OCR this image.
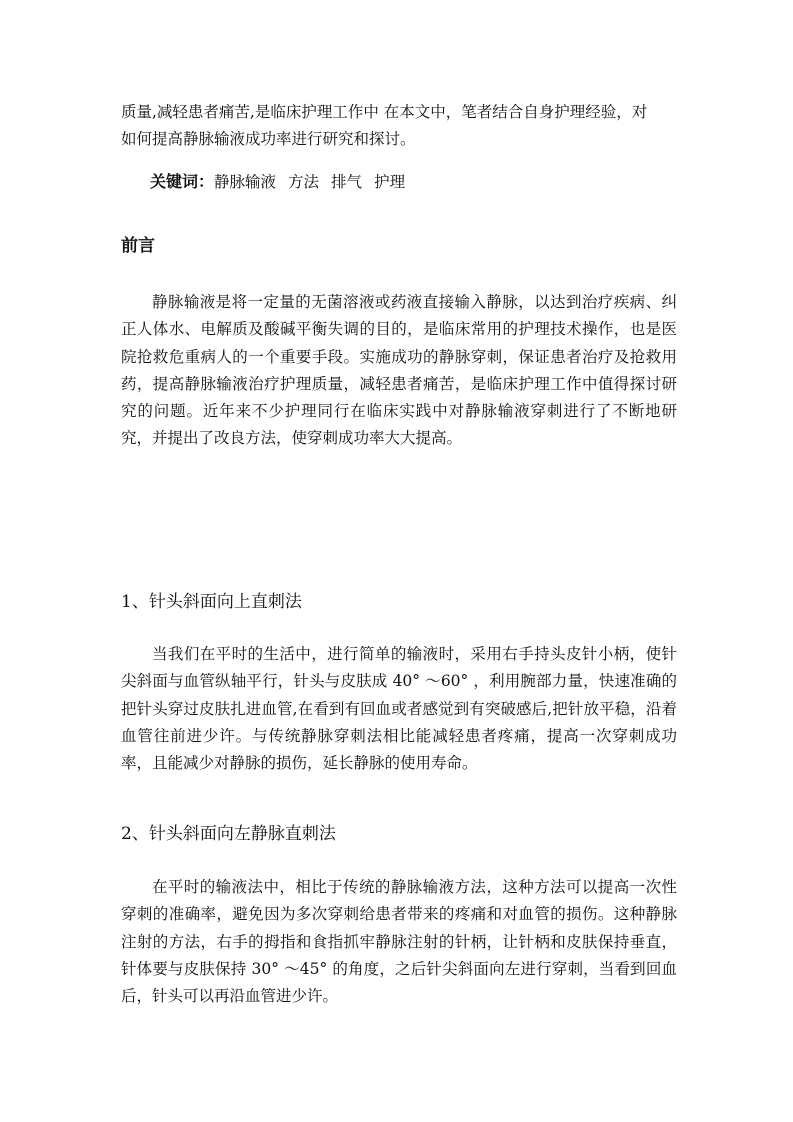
质量,减轻患者痛苦,是临床护理工作中 在本文中，笔者结合自身护理经验，对
如何提高静脉输液成功率进行研究和探讨。

关键词：静脉输液 方法 排气 护理
前言

静脉输液是将一定量的无菌溶液或药液直接输入静脉，以达到治疗疾病、纠正人体水、电解质及酸碱平衡失调的目的，是临床常用的护理技术操作，也是医院抢救危重病人的一个重要手段。实施成功的静脉穿刺，保证患者治疗及抢救用药，提高静脉输液治疗护理质量，减轻患者痛苦，是临床护理工作中值得探讨研究的问题。近年来不少护理同行在临床实践中对静脉输液穿刺进行了不断地研究，并提出了改良方法，使穿刺成功率大大提高。

1、针头斜面向上直刺法

当我们在平时的生活中，进行简单的输液时，采用右手持头皮针小柄，使针尖斜面与血管纵轴平行，针头与皮肤成 40° ～60° ，利用腕部力量，快速准确的把针头穿过皮肤扎进血管,在看到有回血或者感觉到有突破感后,把针放平稳，沿着血管往前进少许。与传统静脉穿刺法相比能减轻患者疼痛，提高一次穿刺成功率，且能减少对静脉的损伤，延长静脉的使用寿命。

2、针头斜面向左静脉直刺法

在平时的输液法中，相比于传统的静脉输液方法，这种方法可以提高一次性穿刺的准确率，避免因为多次穿刺给患者带来的疼痛和对血管的损伤。这种静脉注射的方法，右手的拇指和食指抓牢静脉注射的针柄，让针柄和皮肤保持垂直，针体要与皮肤保持 30° ～45° 的角度，之后针尖斜面向左进行穿刺，当看到回血后，针头可以再沿血管进少许。
